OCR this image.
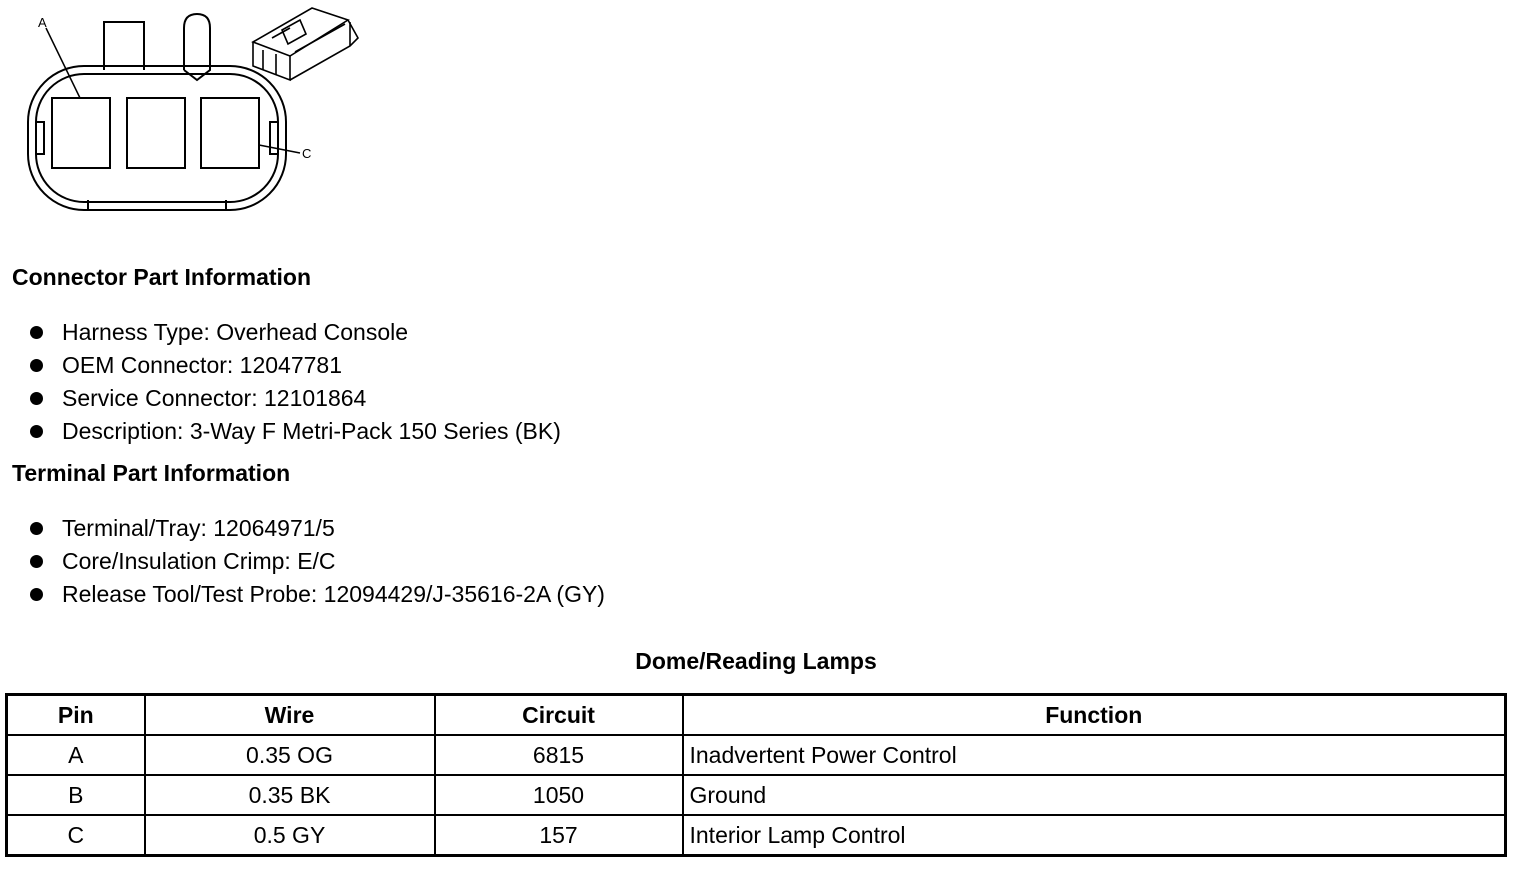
A
C
Connector Part Information
Harness Type: Overhead Console
OEM Connector: 12047781
Service Connector: 12101864
Description: 3-Way F Metri-Pack 150 Series (BK)
Terminal Part Information
Terminal/Tray: 12064971/5
Core/Insulation Crimp: E/C
Release Tool/Test Probe: 12094429/J-35616-2A (GY)
Dome/Reading Lamps
Pin	Wire	Circuit	Function
A	0.35 OG	6815	Inadvertent Power Control
B	0.35 BK	1050	Ground
C	0.5 GY	157	Interior Lamp Control
